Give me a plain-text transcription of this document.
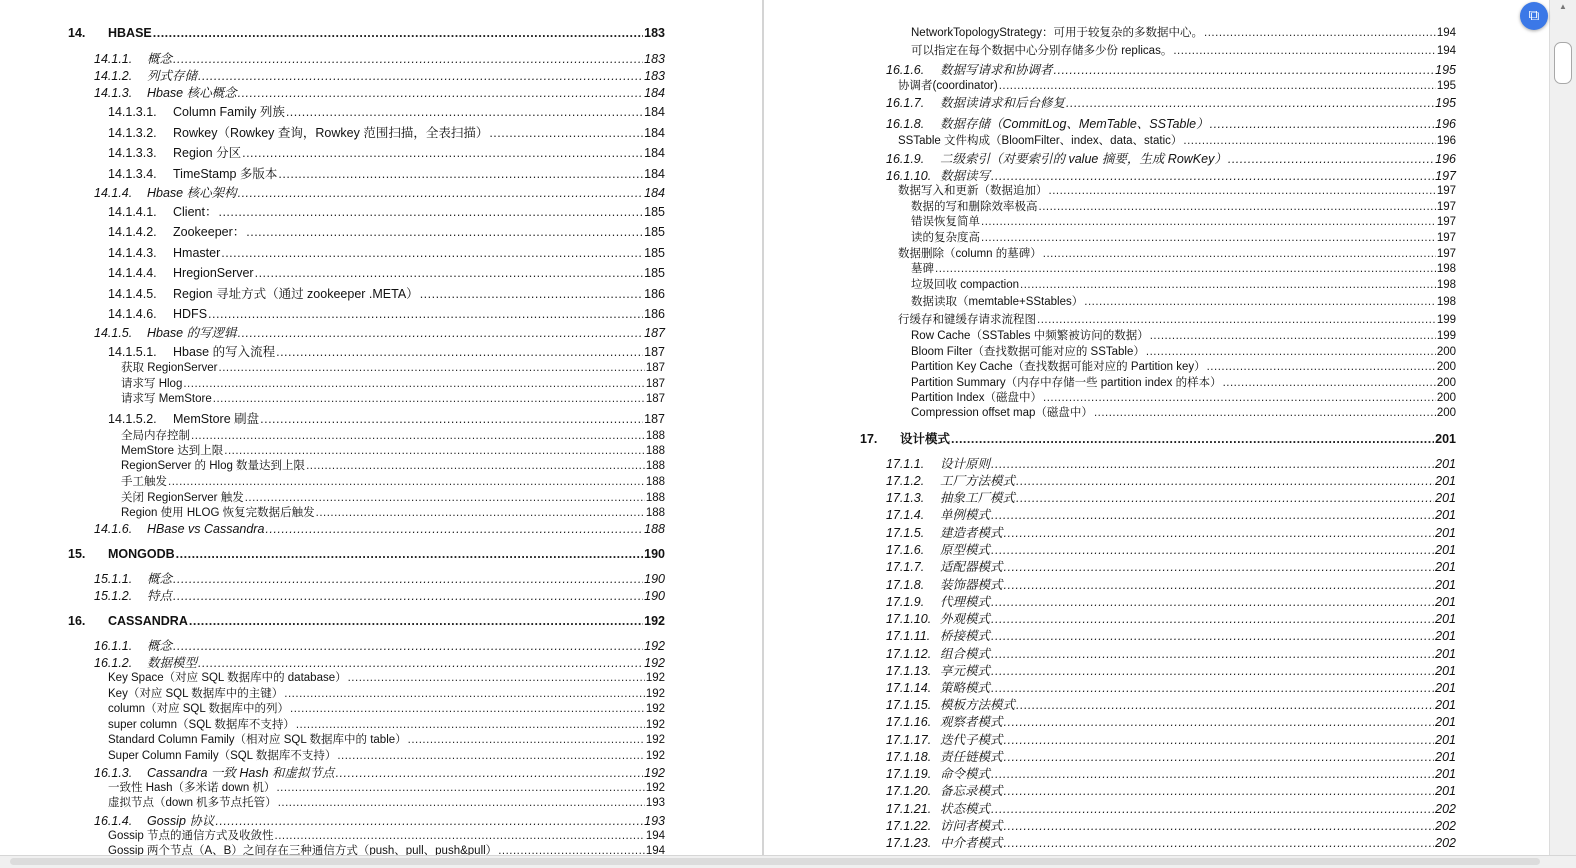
14.	HBASE .....	183
14.1.1.	概念 .....	183
14.1.2.	列式存储 .....	183
14.1.3.	Hbase 核心概念 .....	184
14.1.3.1.	Column Family 列族 .....	184
14.1.3.2.	Rowkey（Rowkey 查询，Rowkey 范围扫描，全表扫描） .....	184
14.1.3.3.	Region 分区 .....	184
14.1.3.4.	TimeStamp 多版本 .....	184
14.1.4.	Hbase 核心架构 .....	184
14.1.4.1.	Client： .....	185
14.1.4.2.	Zookeeper： .....	185
14.1.4.3.	Hmaster .....	185
14.1.4.4.	HregionServer .....	185
14.1.4.5.	Region 寻址方式（通过 zookeeper .META） .....	186
14.1.4.6.	HDFS .....	186
14.1.5.	Hbase 的写逻辑 .....	187
14.1.5.1.	Hbase 的写入流程 .....	187
获取 RegionServer .....	187
请求写 Hlog .....	187
请求写 MemStore .....	187
14.1.5.2.	MemStore 刷盘 .....	187
全局内存控制 .....	188
MemStore 达到上限 .....	188
RegionServer 的 Hlog 数量达到上限 .....	188
手工触发 .....	188
关闭 RegionServer 触发 .....	188
Region 使用 HLOG 恢复完数据后触发 .....	188
14.1.6.	HBase vs Cassandra .....	188
15.	MONGODB .....	190
15.1.1.	概念 .....	190
15.1.2.	特点 .....	190
16.	CASSANDRA .....	192
16.1.1.	概念 .....	192
16.1.2.	数据模型 .....	192
Key Space（对应 SQL 数据库中的 database） .....	192
Key（对应 SQL 数据库中的主键） .....	192
column（对应 SQL 数据库中的列） .....	192
super column（SQL 数据库不支持） .....	192
Standard Column Family（相对应 SQL 数据库中的 table） .....	192
Super Column Family（SQL 数据库不支持） .....	192
16.1.3.	Cassandra 一致 Hash 和虚拟节点 .....	192
一致性 Hash（多米诺 down 机） .....	192
虚拟节点（down 机多节点托管） .....	193
16.1.4.	Gossip 协议 .....	193
Gossip 节点的通信方式及收敛性 .....	194
Gossip 两个节点（A、B）之间存在三种通信方式（push、pull、push&pull） .....	194
NetworkTopologyStrategy：可用于较复杂的多数据中心。 .....	194
可以指定在每个数据中心分别存储多少份 replicas。 .....	194
16.1.6.	数据写请求和协调者 .....	195
协调者(coordinator) .....	195
16.1.7.	数据读请求和后台修复 .....	195
16.1.8.	数据存储（CommitLog、MemTable、SSTable） .....	196
SSTable 文件构成（BloomFilter、index、data、static） .....	196
16.1.9.	二级索引（对要索引的 value 摘要，生成 RowKey） .....	196
16.1.10. 数据读写 .....	197
数据写入和更新（数据追加） .....	197
数据的写和删除效率极高 .....	197
错误恢复简单 .....	197
读的复杂度高 .....	197
数据删除（column 的墓碑） .....	197
墓碑 .....	198
垃圾回收 compaction .....	198
数据读取（memtable+SStables） .....	198
行缓存和键缓存请求流程图 .....	199
Row Cache（SSTables 中频繁被访问的数据） .....	199
Bloom Filter（查找数据可能对应的 SSTable） .....	200
Partition Key Cache（查找数据可能对应的 Partition key） .....	200
Partition Summary（内存中存储一些 partition index 的样本） .....	200
Partition Index（磁盘中） .....	200
Compression offset map（磁盘中） .....	200
17.	设计模式 .....	201
17.1.1.	设计原则 .....	201
17.1.2.	工厂方法模式 .....	201
17.1.3.	抽象工厂模式 .....	201
17.1.4.	单例模式 .....	201
17.1.5.	建造者模式 .....	201
17.1.6.	原型模式 .....	201
17.1.7.	适配器模式 .....	201
17.1.8.	装饰器模式 .....	201
17.1.9.	代理模式 .....	201
17.1.10. 外观模式 .....	201
17.1.11. 桥接模式 .....	201
17.1.12. 组合模式 .....	201
17.1.13. 享元模式 .....	201
17.1.14. 策略模式 .....	201
17.1.15. 模板方法模式 .....	201
17.1.16. 观察者模式 .....	201
17.1.17. 迭代子模式 .....	201
17.1.18. 责任链模式 .....	201
17.1.19. 命令模式 .....	201
17.1.20. 备忘录模式 .....	201
17.1.21. 状态模式 .....	202
17.1.22. 访问者模式 .....	202
17.1.23. 中介者模式 .....	202
▲
⧉
